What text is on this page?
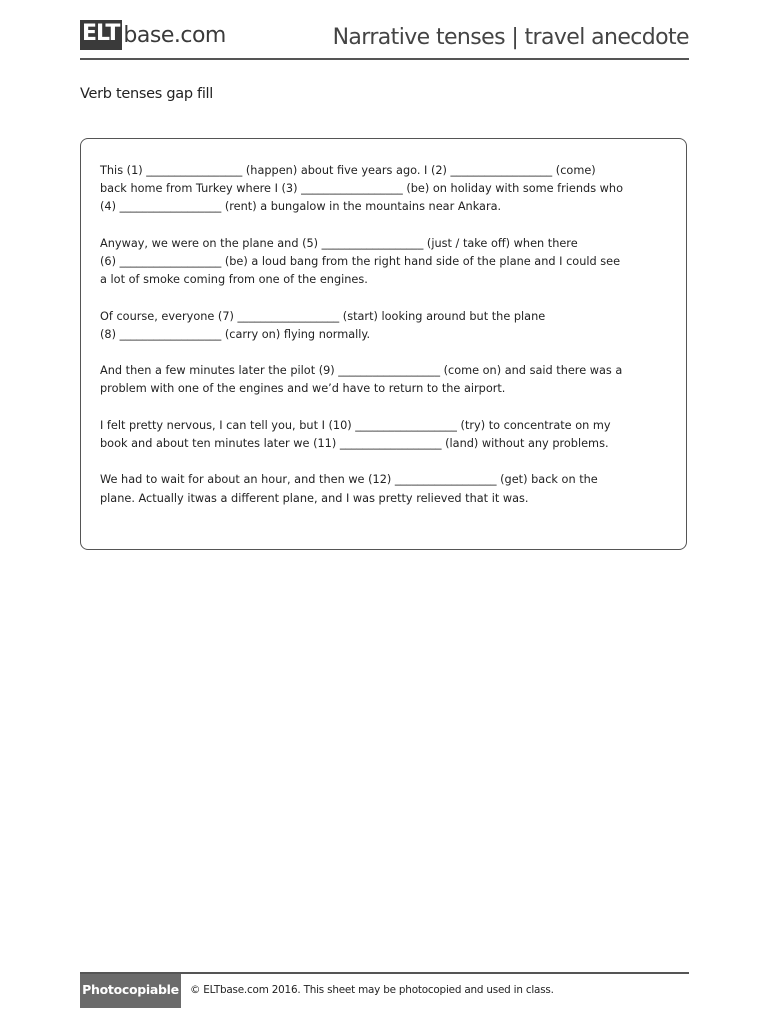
ELT base.com	Narrative tenses | travel anecdote
Verb tenses gap fill

This (1) _________________ (happen) about five years ago. I (2) __________________ (come)
back home from Turkey where I (3) __________________ (be) on holiday with some friends who
(4) __________________ (rent) a bungalow in the mountains near Ankara.

Anyway, we were on the plane and (5) __________________ (just / take off) when there
(6) __________________ (be) a loud bang from the right hand side of the plane and I could see
a lot of smoke coming from one of the engines.

Of course, everyone (7) __________________ (start) looking around but the plane
(8) __________________ (carry on) flying normally.

And then a few minutes later the pilot (9) __________________ (come on) and said there was a
problem with one of the engines and we’d have to return to the airport.

I felt pretty nervous, I can tell you, but I (10) __________________ (try) to concentrate on my
book and about ten minutes later we (11) __________________ (land) without any problems.

We had to wait for about an hour, and then we (12) __________________ (get) back on the
plane. Actually itwas a different plane, and I was pretty relieved that it was.

Photocopiable © ELTbase.com 2016. This sheet may be photocopied and used in class.
